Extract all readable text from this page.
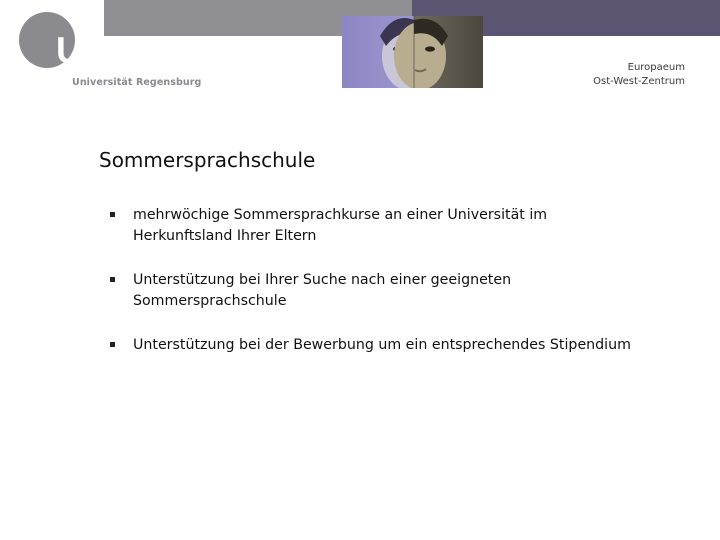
UR
Universität Regensburg
Europaeum
Ost-West-Zentrum
Sommersprachschule
mehrwöchige Sommersprachkurse an einer Universität im Herkunftsland Ihrer Eltern
Unterstützung bei Ihrer Suche nach einer geeigneten Sommersprachschule
Unterstützung bei der Bewerbung um ein entsprechendes Stipendium
